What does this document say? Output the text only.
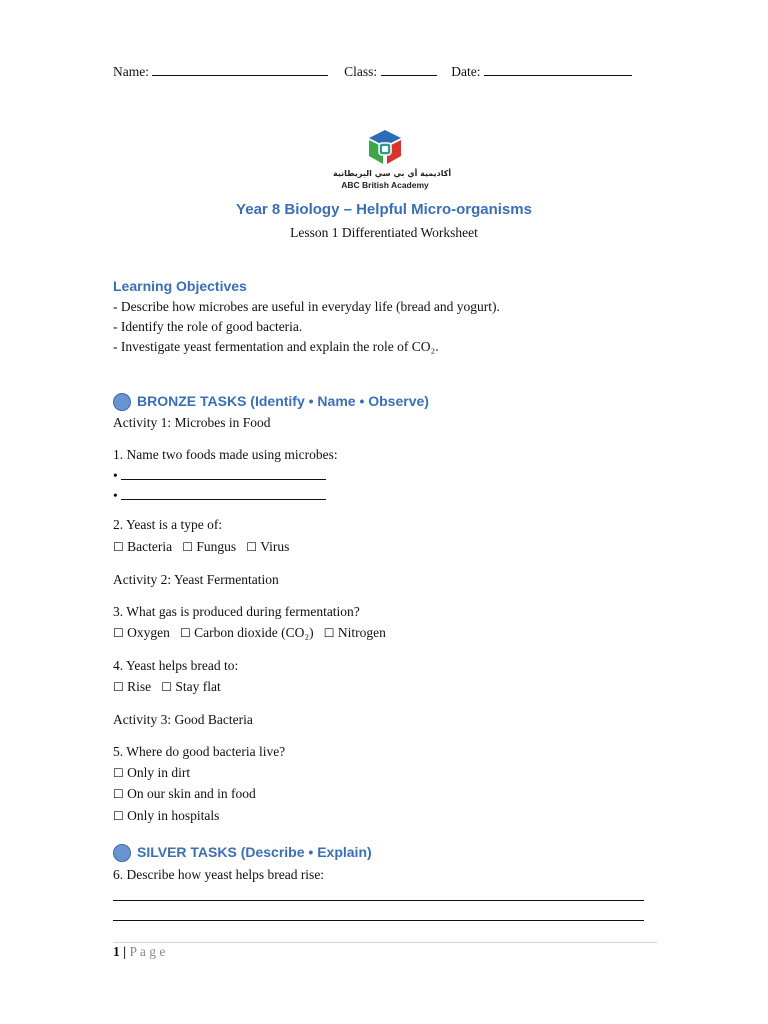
Name:	Class:	Date:
أكاديمية أي بي سي البريطانية
ABC British Academy
Year 8 Biology – Helpful Micro-organisms
Lesson 1 Differentiated Worksheet
Learning Objectives
- Describe how microbes are useful in everyday life (bread and yogurt).
- Identify the role of good bacteria.
- Investigate yeast fermentation and explain the role of CO₂.
BRONZE TASKS (Identify • Name • Observe)
Activity 1: Microbes in Food
1. Name two foods made using microbes:
•
•
2. Yeast is a type of:
☐ Bacteria ☐ Fungus ☐ Virus
Activity 2: Yeast Fermentation
3. What gas is produced during fermentation?
☐ Oxygen ☐ Carbon dioxide (CO₂) ☐ Nitrogen
4. Yeast helps bread to:
☐ Rise ☐ Stay flat
Activity 3: Good Bacteria
5. Where do good bacteria live?
☐ Only in dirt
☐ On our skin and in food
☐ Only in hospitals
SILVER TASKS (Describe • Explain)
6. Describe how yeast helps bread rise:
1 | P a g e
